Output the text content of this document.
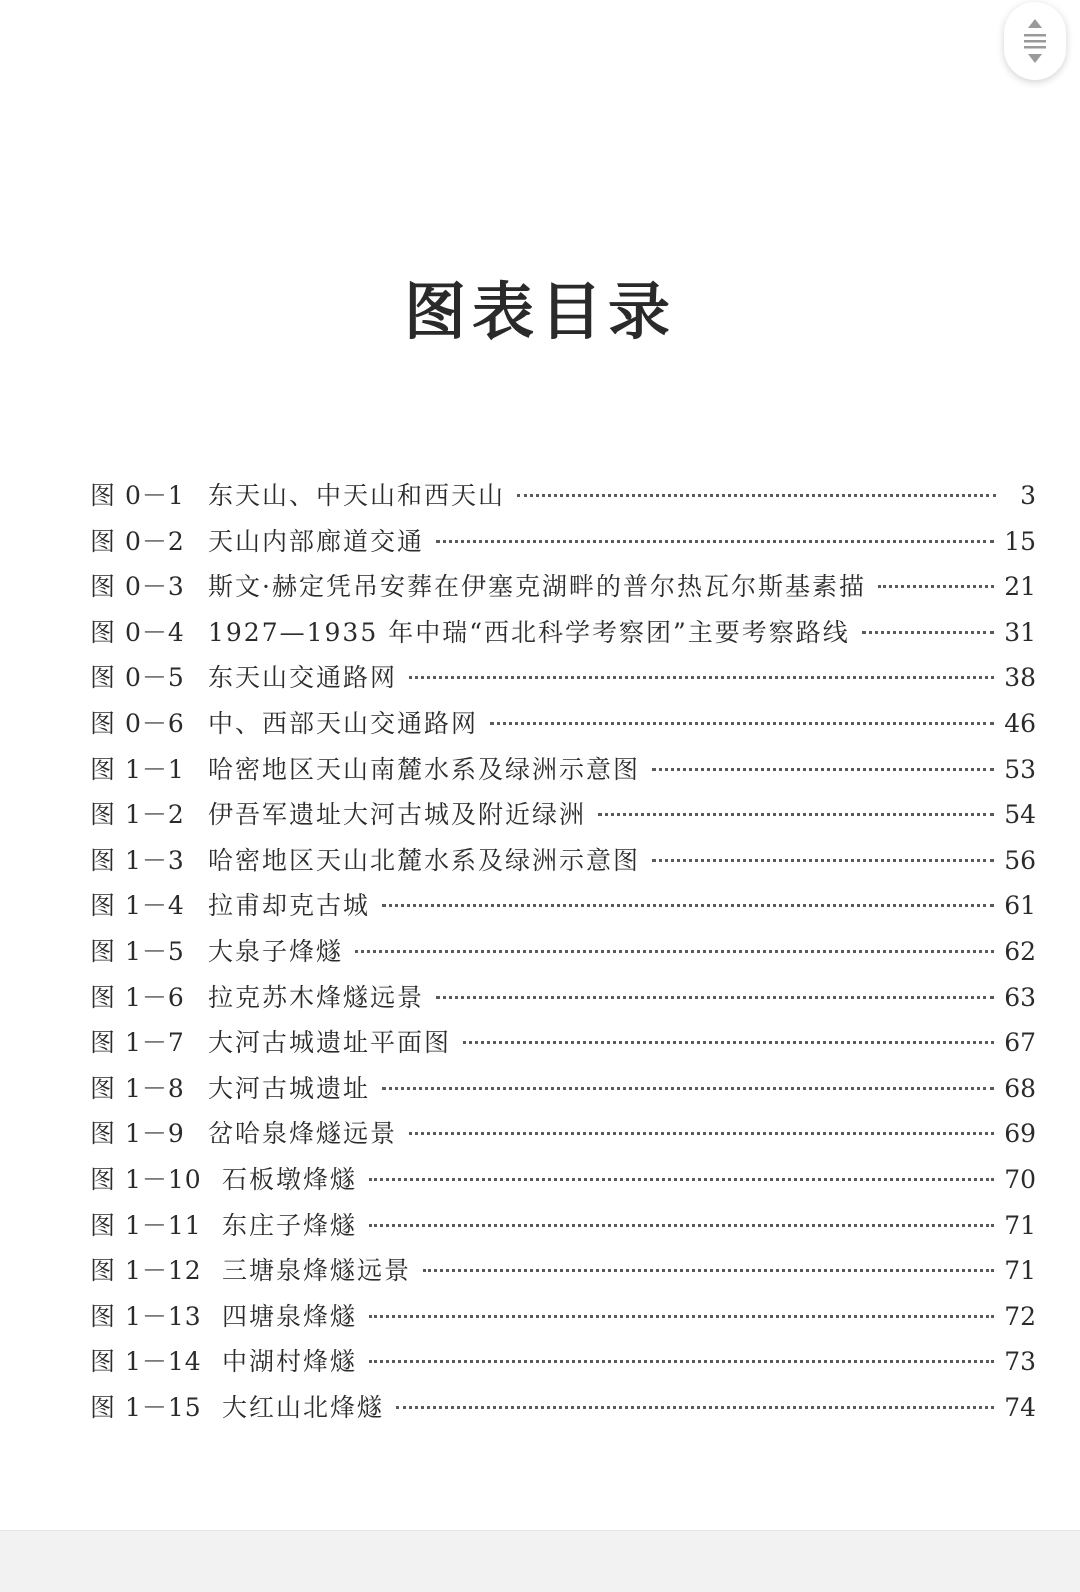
图表目录
图 0－1 东天山、中天山和西天山	3
图 0－2 天山内部廊道交通	15
图 0－3 斯文·赫定凭吊安葬在伊塞克湖畔的普尔热瓦尔斯基素描	21
图 0－4 1927—1935 年中瑞“西北科学考察团”主要考察路线	31
图 0－5 东天山交通路网	38
图 0－6 中、西部天山交通路网	46
图 1－1 哈密地区天山南麓水系及绿洲示意图	53
图 1－2 伊吾军遗址大河古城及附近绿洲	54
图 1－3 哈密地区天山北麓水系及绿洲示意图	56
图 1－4 拉甫却克古城	61
图 1－5 大泉子烽燧	62
图 1－6 拉克苏木烽燧远景	63
图 1－7 大河古城遗址平面图	67
图 1－8 大河古城遗址	68
图 1－9 岔哈泉烽燧远景	69
图 1－10 石板墩烽燧	70
图 1－11 东庄子烽燧	71
图 1－12 三塘泉烽燧远景	71
图 1－13 四塘泉烽燧	72
图 1－14 中湖村烽燧	73
图 1－15 大红山北烽燧	74
